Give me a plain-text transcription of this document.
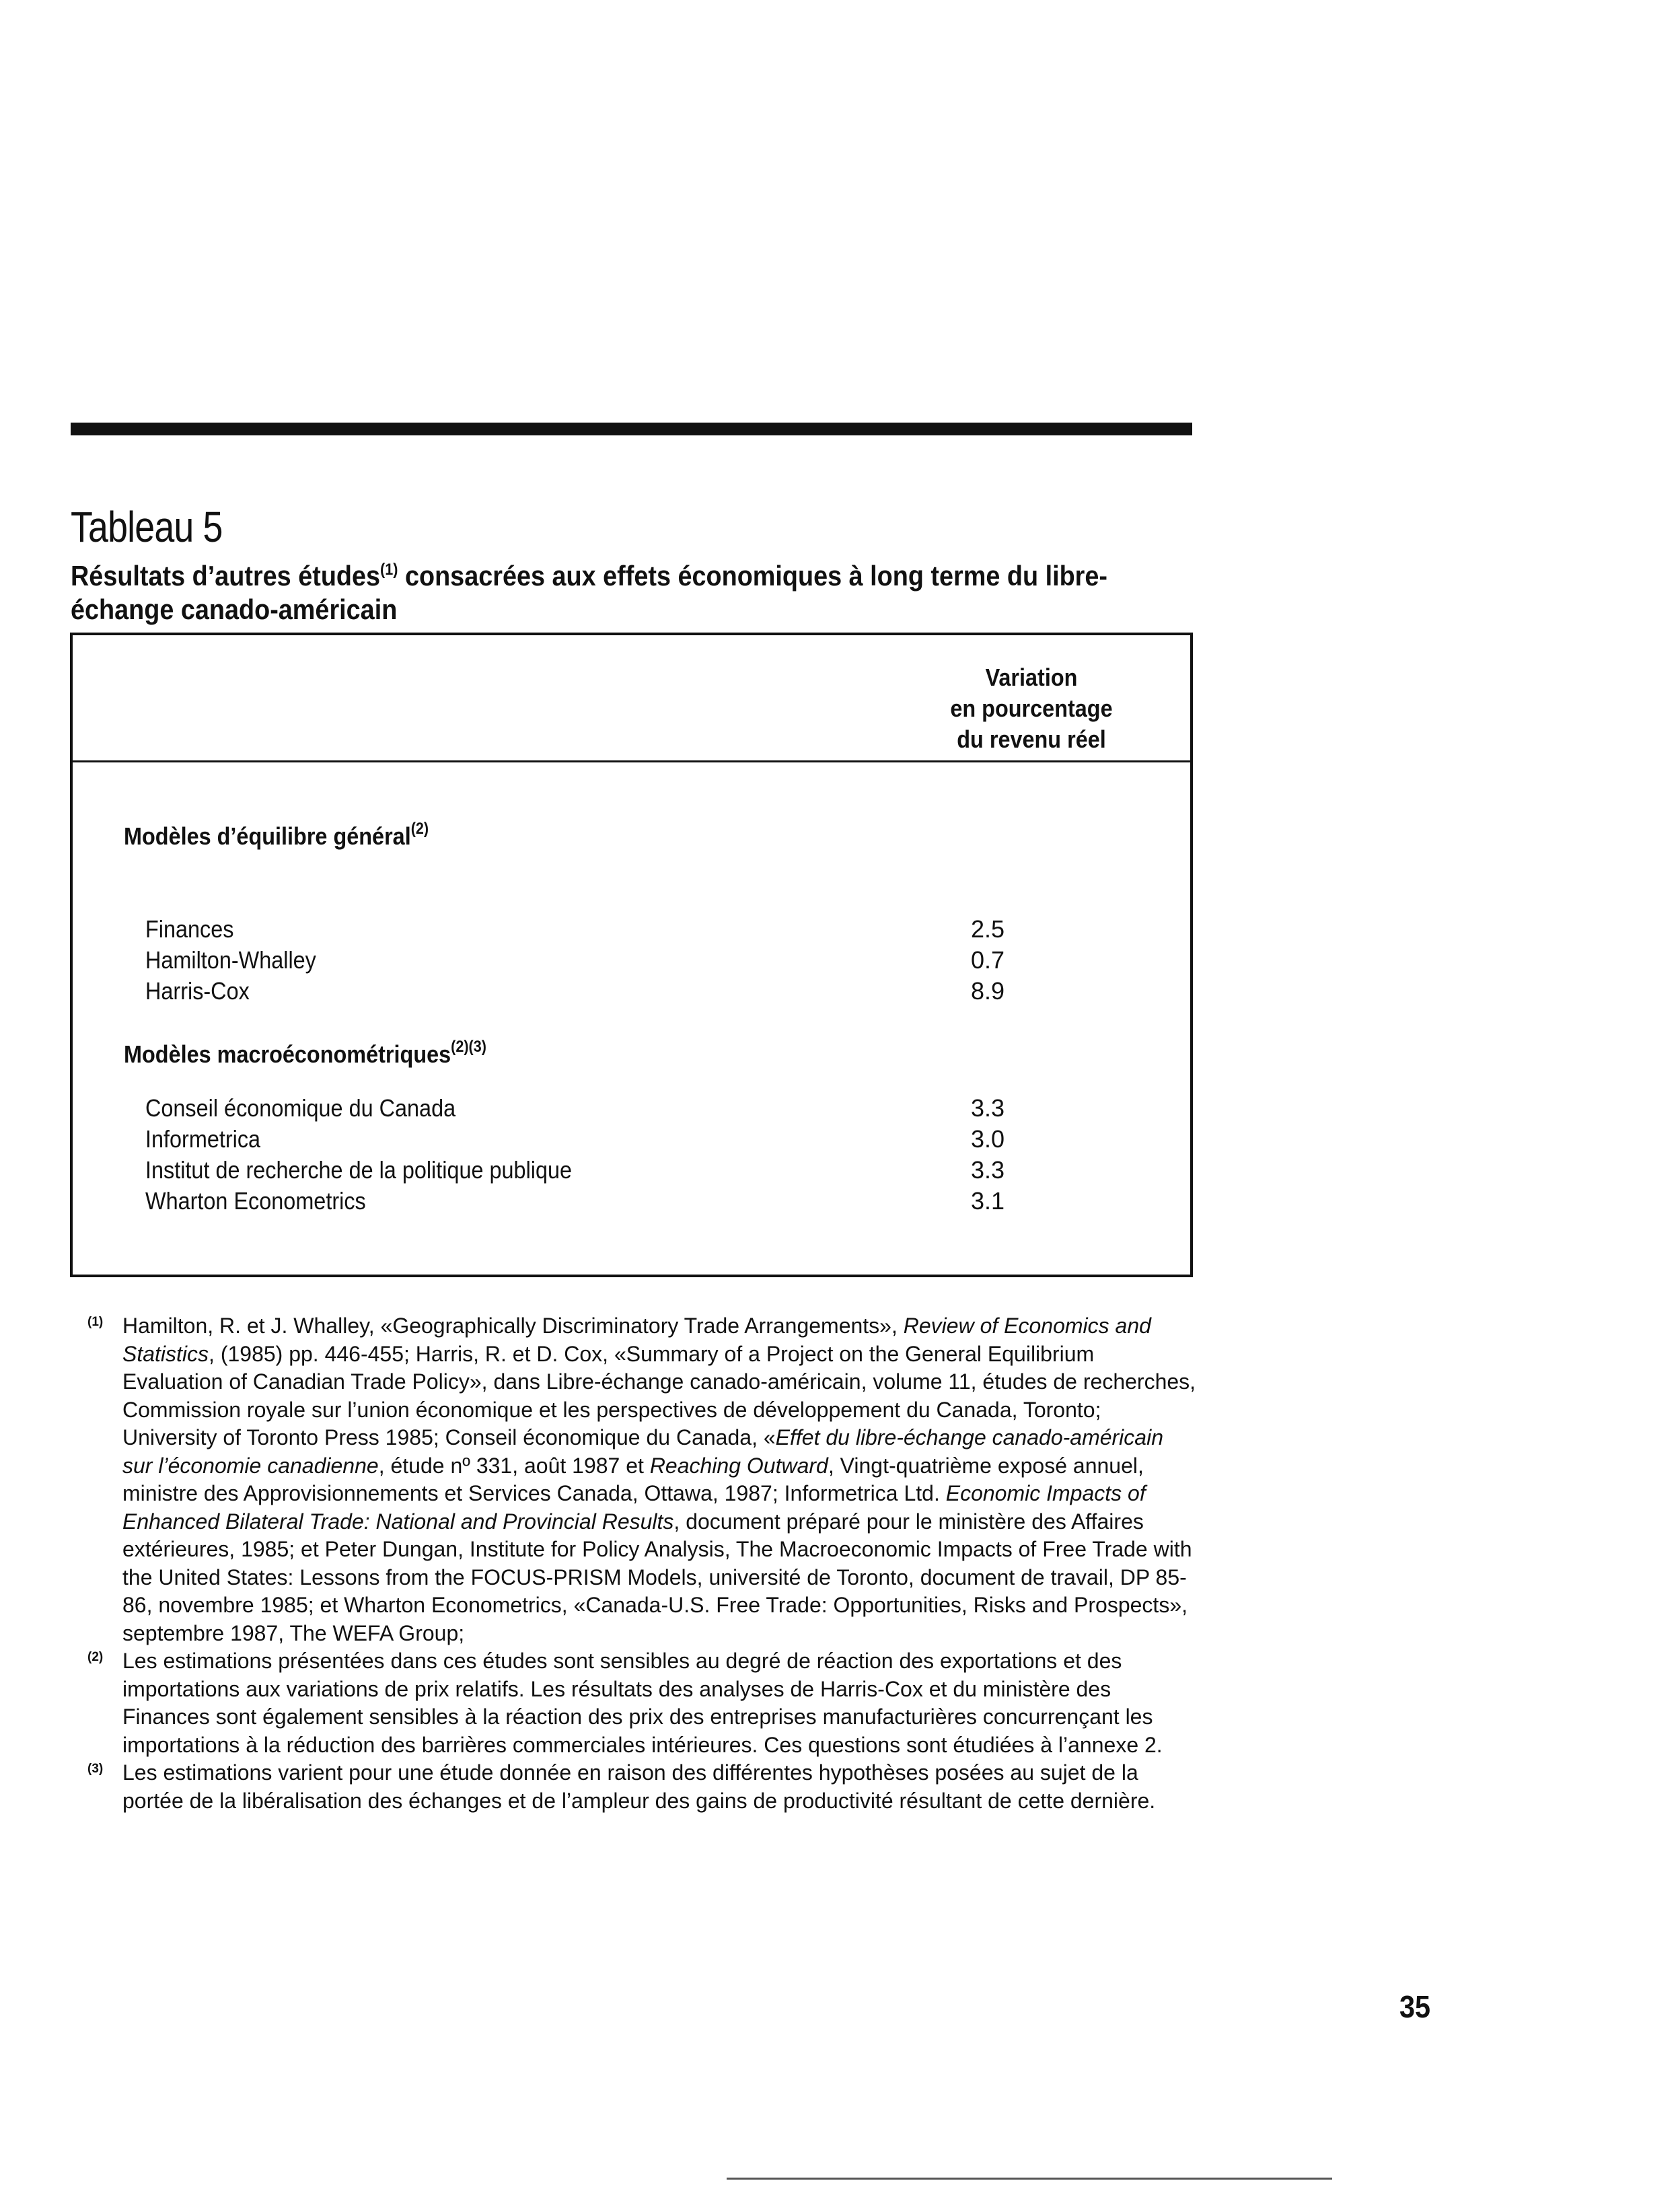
Tableau 5
Résultats d’autres études$^{(1)}$ consacrées aux effets économiques à long terme du libre-échange canado-américain
Variation
en pourcentage
du revenu réel
Modèles d’équilibre général$^{(2)}$
Finances	2.5
Hamilton-Whalley	0.7
Harris-Cox	8.9
Modèles macroéconométriques$^{(2)(3)}$
Conseil économique du Canada	3.3
Informetrica	3.0
Institut de recherche de la politique publique	3.3
Wharton Econometrics	3.1
(1) Hamilton, R. et J. Whalley, «Geographically Discriminatory Trade Arrangements», Review of Economics and Statistics, (1985) pp. 446-455; Harris, R. et D. Cox, «Summary of a Project on the General Equilibrium Evaluation of Canadian Trade Policy», dans Libre-échange canado-américain, volume 11, études de recherches, Commission royale sur l’union économique et les perspectives de développement du Canada, Toronto; University of Toronto Press 1985; Conseil économique du Canada, «Effet du libre-échange canado-américain sur l’économie canadienne, étude nº 331, août 1987 et Reaching Outward, Vingt-quatrième exposé annuel, ministre des Approvisionnements et Services Canada, Ottawa, 1987; Informetrica Ltd. Economic Impacts of Enhanced Bilateral Trade: National and Provincial Results, document préparé pour le ministère des Affaires extérieures, 1985; et Peter Dungan, Institute for Policy Analysis, The Macroeconomic Impacts of Free Trade with the United States: Lessons from the FOCUS-PRISM Models, université de Toronto, document de travail, DP 85-86, novembre 1985; et Wharton Econometrics, «Canada-U.S. Free Trade: Opportunities, Risks and Prospects», septembre 1987, The WEFA Group;
(2) Les estimations présentées dans ces études sont sensibles au degré de réaction des exportations et des importations aux variations de prix relatifs. Les résultats des analyses de Harris-Cox et du ministère des Finances sont également sensibles à la réaction des prix des entreprises manufacturières concurrençant les importations à la réduction des barrières commerciales intérieures. Ces questions sont étudiées à l’annexe 2.
(3) Les estimations varient pour une étude donnée en raison des différentes hypothèses posées au sujet de la portée de la libéralisation des échanges et de l’ampleur des gains de productivité résultant de cette dernière.
35
